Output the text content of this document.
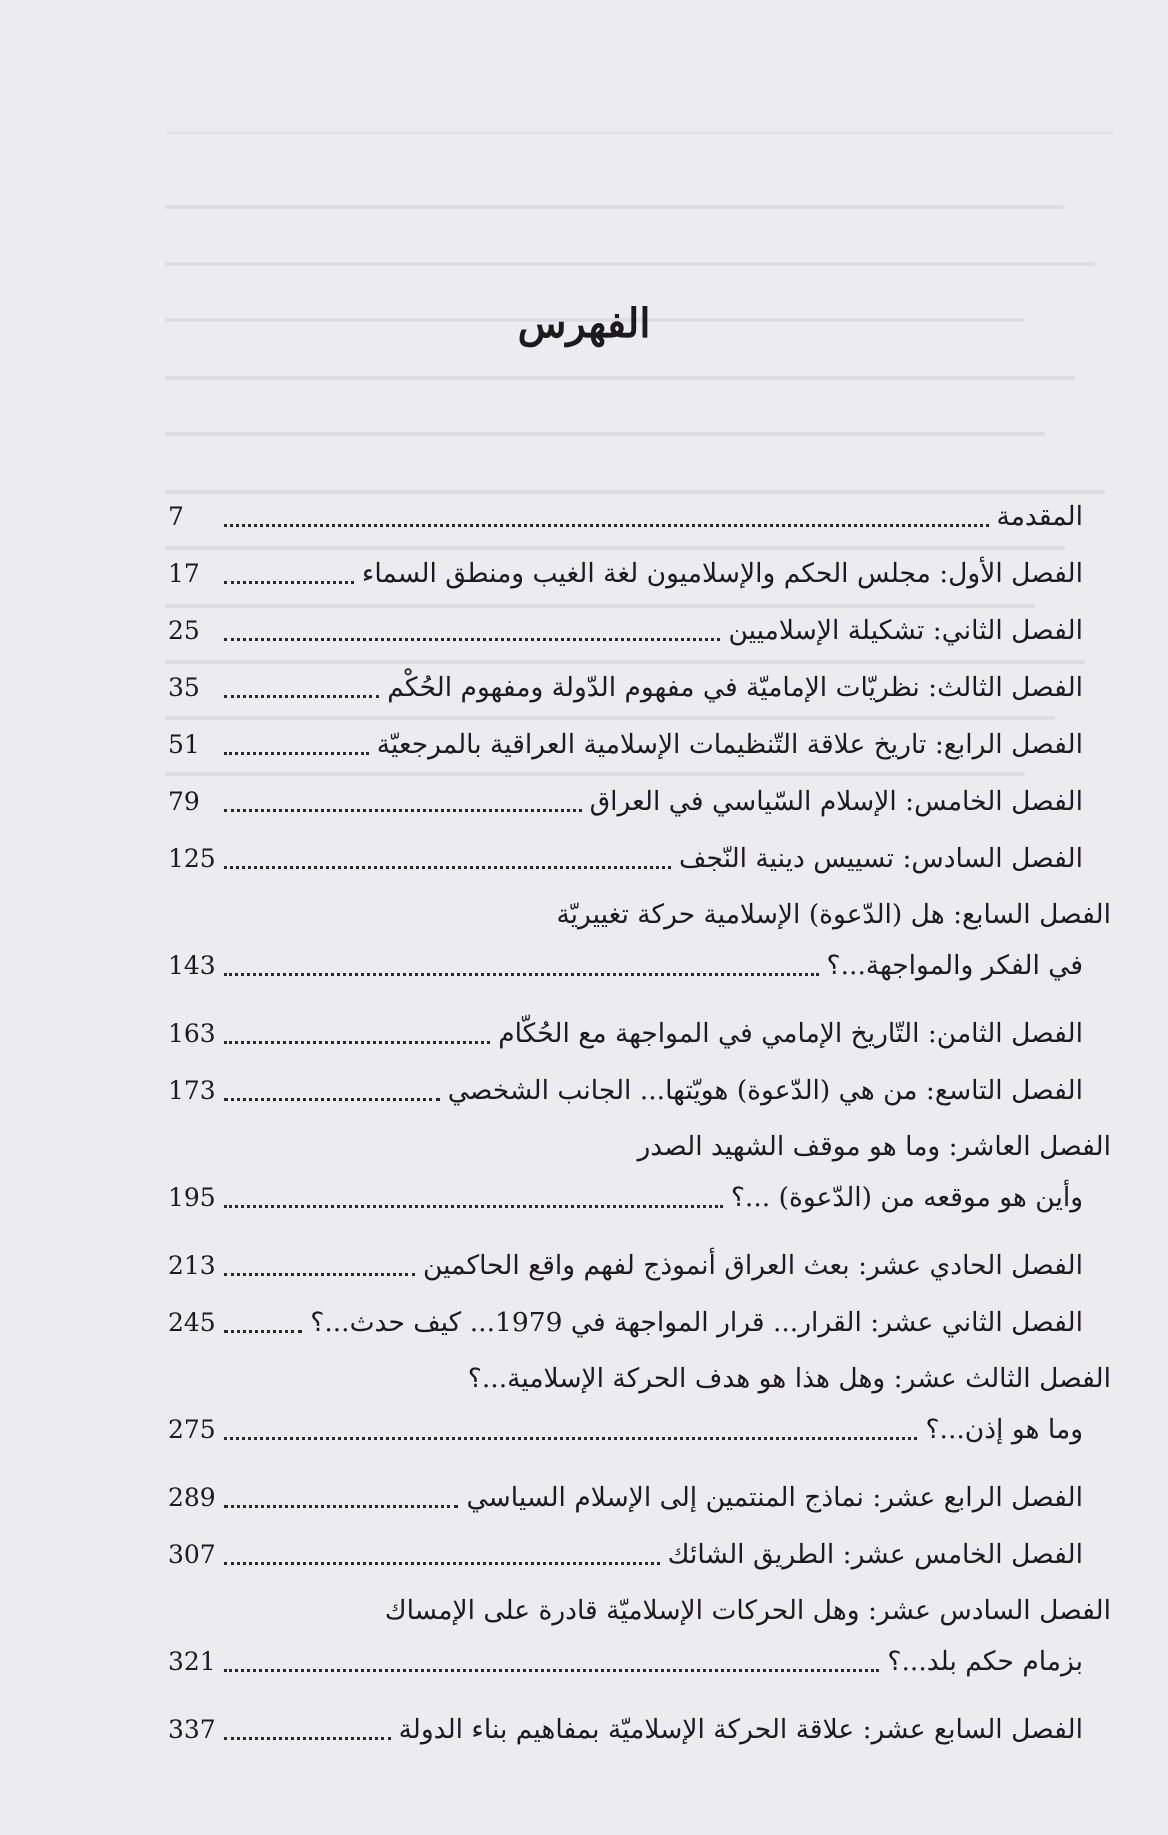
الفهرس
المقدمة
7
الفصل الأول: مجلس الحكم والإسلاميون لغة الغيب ومنطق السماء
17
الفصل الثاني: تشكيلة الإسلاميين
25
الفصل الثالث: نظريّات الإماميّة في مفهوم الدّولة ومفهوم الحُكْم
35
الفصل الرابع: تاريخ علاقة التّنظيمات الإسلامية العراقية بالمرجعيّة
51
الفصل الخامس: الإسلام السّياسي في العراق
79
الفصل السادس: تسييس دينية النّجف
125
الفصل السابع: هل (الدّعوة) الإسلامية حركة تغييريّة
في الفكر والمواجهة...؟
143
الفصل الثامن: التّاريخ الإمامي في المواجهة مع الحُكّام
163
الفصل التاسع: من هي (الدّعوة) هويّتها... الجانب الشخصي
173
الفصل العاشر: وما هو موقف الشهيد الصدر
وأين هو موقعه من (الدّعوة) ...؟
195
الفصل الحادي عشر: بعث العراق أنموذج لفهم واقع الحاكمين
213
الفصل الثاني عشر: القرار... قرار المواجهة في 1979... كيف حدث...؟
245
الفصل الثالث عشر: وهل هذا هو هدف الحركة الإسلامية...؟
وما هو إذن...؟
275
الفصل الرابع عشر: نماذج المنتمين إلى الإسلام السياسي
289
الفصل الخامس عشر: الطريق الشائك
307
الفصل السادس عشر: وهل الحركات الإسلاميّة قادرة على الإمساك
بزمام حكم بلد...؟
321
الفصل السابع عشر: علاقة الحركة الإسلاميّة بمفاهيم بناء الدولة
337
